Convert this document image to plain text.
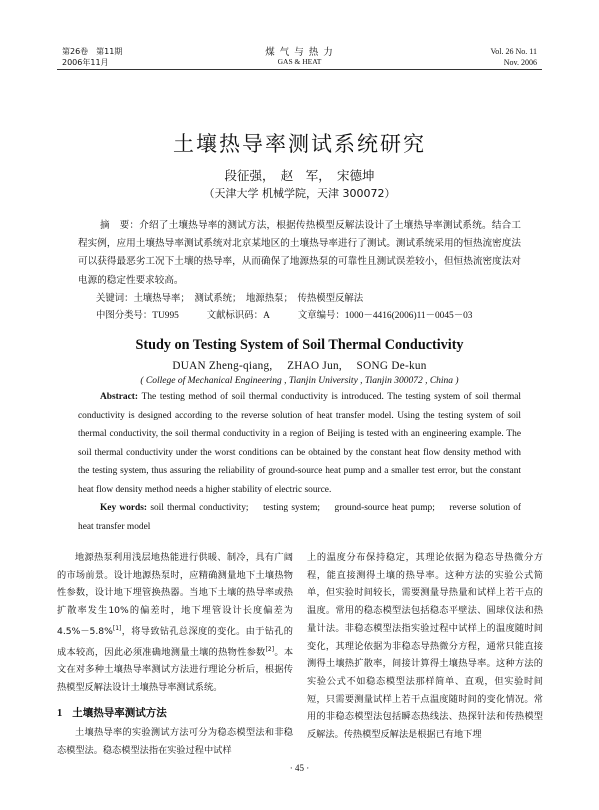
第26卷　第11期
2006年11月
煤 气 与 热 力
GAS & HEAT
Vol. 26 No. 11
Nov. 2006
土壤热导率测试系统研究
段征强，　赵　军，　宋德坤
（天津大学 机械学院，天津 300072）
摘　要：介绍了土壤热导率的测试方法，根据传热模型反解法设计了土壤热导率测试系统。结合工程实例，应用土壤热导率测试系统对北京某地区的土壤热导率进行了测试。测试系统采用的恒热流密度法可以获得最恶劣工况下土壤的热导率，从而确保了地源热泵的可靠性且测试误差较小，但恒热流密度法对电源的稳定性要求较高。
关键词：土壤热导率；　测试系统；　地源热泵；　传热模型反解法
中图分类号：TU995	文献标识码：A	文章编号：1000－4416(2006)11－0045－03
Study on Testing System of Soil Thermal Conductivity
DUAN Zheng-qiang,　 ZHAO Jun,　 SONG De-kun
( College of Mechanical Engineering , Tianjin University , Tianjin 300072 , China )
Abstract: The testing method of soil thermal conductivity is introduced. The testing system of soil thermal conductivity is designed according to the reverse solution of heat transfer model. Using the testing system of soil thermal conductivity, the soil thermal conductivity in a region of Beijing is tested with an engineering example. The soil thermal conductivity under the worst conditions can be obtained by the constant heat flow density method with the testing system, thus assuring the reliability of ground-source heat pump and a smaller test error, but the constant heat flow density method needs a higher stability of electric source.
Key words: soil thermal conductivity;　 testing system;　 ground-source heat pump;　 reverse solution of heat transfer model
地源热泵利用浅层地热能进行供暖、制冷，具有广阔的市场前景。设计地源热泵时，应精确测量地下土壤热物性参数，设计地下埋管换热器。当地下土壤的热导率或热扩散率发生10%的偏差时，地下埋管设计长度偏差为4.5%－5.8%[1]，将导致钻孔总深度的变化。由于钻孔的成本较高，因此必须准确地测量土壤的热物性参数[2]。本文在对多种土壤热导率测试方法进行理论分析后，根据传热模型反解法设计土壤热导率测试系统。
1 土壤热导率测试方法
土壤热导率的实验测试方法可分为稳态模型法和非稳态模型法。稳态模型法指在实验过程中试样
上的温度分布保持稳定，其理论依据为稳态导热微分方程，能直接测得土壤的热导率。这种方法的实验公式简单，但实验时间较长，需要测量导热量和试样上若干点的温度。常用的稳态模型法包括稳态平壁法、圆球仪法和热量计法。非稳态模型法指实验过程中试样上的温度随时间变化，其理论依据为非稳态导热微分方程，通常只能直接测得土壤热扩散率，间接计算得土壤热导率。这种方法的实验公式不如稳态模型法那样简单、直观，但实验时间短，只需要测量试样上若干点温度随时间的变化情况。常用的非稳态模型法包括瞬态热线法、热探针法和传热模型反解法。传热模型反解法是根据已有地下埋
· 45 ·
